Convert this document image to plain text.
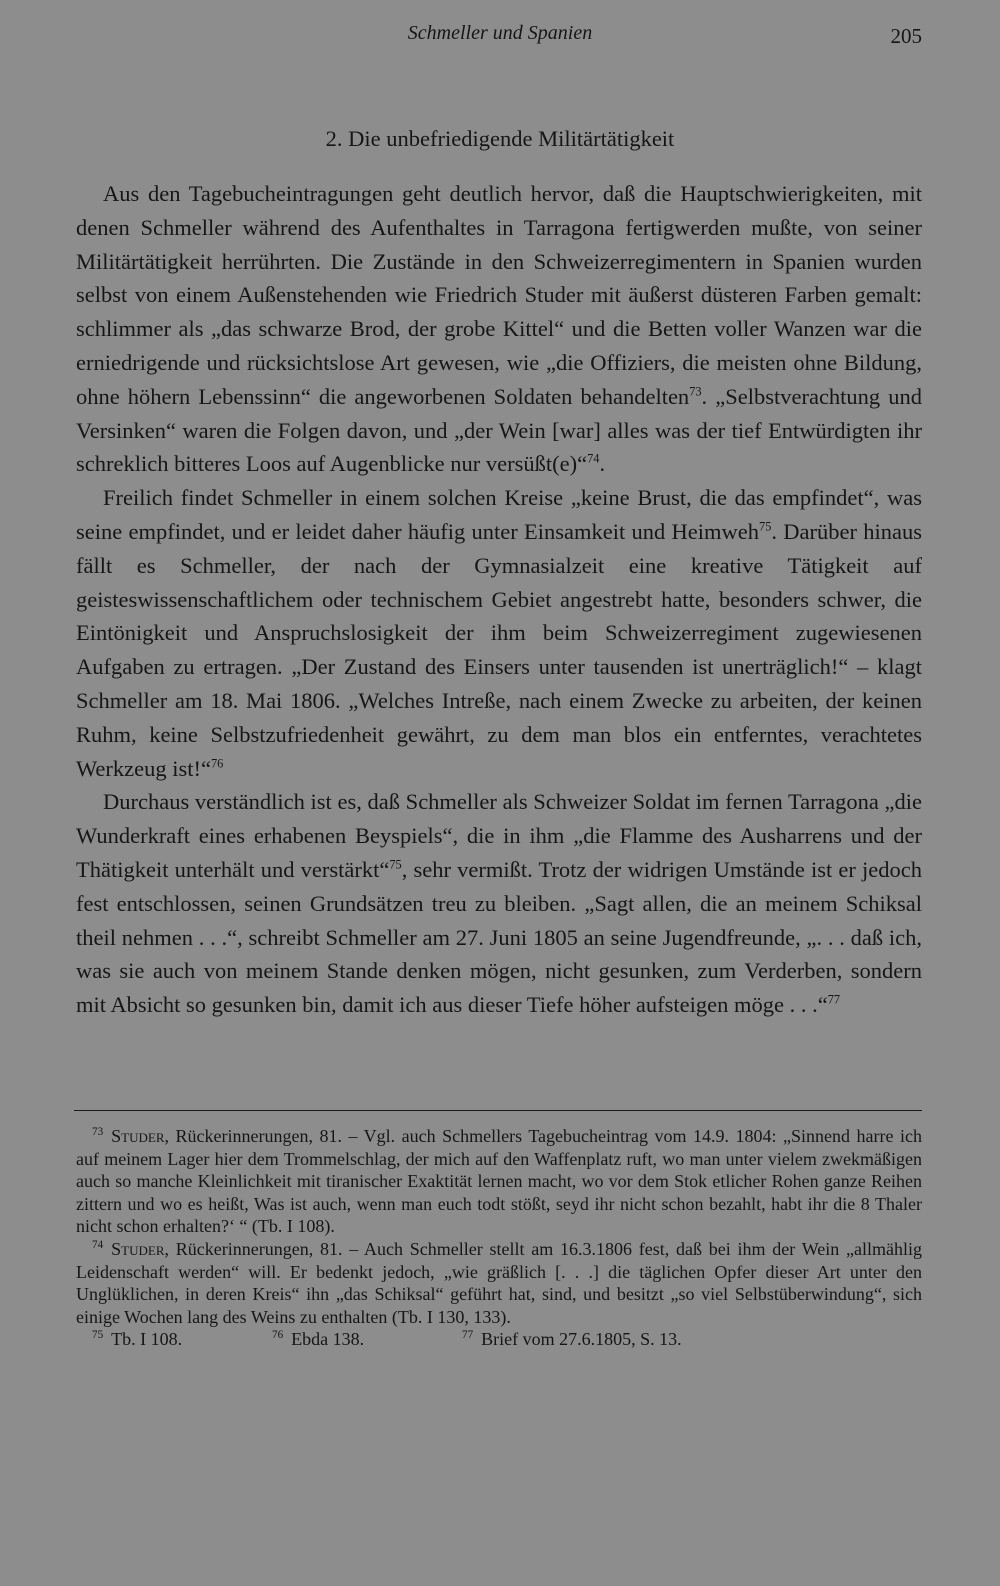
Schmeller und Spanien	205
2. Die unbefriedigende Militärtätigkeit

Aus den Tagebucheintragungen geht deutlich hervor, daß die Hauptschwierigkeiten, mit denen Schmeller während des Aufenthaltes in Tarragona fertigwerden mußte, von seiner Militärtätigkeit herrührten. Die Zustände in den Schweizerregimentern in Spanien wurden selbst von einem Außenstehenden wie Friedrich Studer mit äußerst düsteren Farben gemalt: schlimmer als „das schwarze Brod, der grobe Kittel“ und die Betten voller Wanzen war die erniedrigende und rücksichtslose Art gewesen, wie „die Offiziers, die meisten ohne Bildung, ohne höhern Lebenssinn“ die angeworbenen Soldaten behandelten$^{73}$. „Selbstverachtung und Versinken“ waren die Folgen davon, und „der Wein [war] alles was der tief Entwürdigten ihr schreklich bitteres Loos auf Augenblicke nur versüßt(e)“$^{74}$.

Freilich findet Schmeller in einem solchen Kreise „keine Brust, die das empfindet“, was seine empfindet, und er leidet daher häufig unter Einsamkeit und Heimweh$^{75}$. Darüber hinaus fällt es Schmeller, der nach der Gymnasialzeit eine kreative Tätigkeit auf geisteswissenschaftlichem oder technischem Gebiet angestrebt hatte, besonders schwer, die Eintönigkeit und Anspruchslosigkeit der ihm beim Schweizerregiment zugewiesenen Aufgaben zu ertragen. „Der Zustand des Einsers unter tausenden ist unerträglich!“ – klagt Schmeller am 18. Mai 1806. „Welches Intreße, nach einem Zwecke zu arbeiten, der keinen Ruhm, keine Selbstzufriedenheit gewährt, zu dem man blos ein entferntes, verachtetes Werkzeug ist!“$^{76}$

Durchaus verständlich ist es, daß Schmeller als Schweizer Soldat im fernen Tarragona „die Wunderkraft eines erhabenen Beyspiels“, die in ihm „die Flamme des Ausharrens und der Thätigkeit unterhält und verstärkt“$^{75}$, sehr vermißt. Trotz der widrigen Umstände ist er jedoch fest entschlossen, seinen Grundsätzen treu zu bleiben. „Sagt allen, die an meinem Schiksal theil nehmen . . .“, schreibt Schmeller am 27. Juni 1805 an seine Jugendfreunde, „. . . daß ich, was sie auch von meinem Stande denken mögen, nicht gesunken, zum Verderben, sondern mit Absicht so gesunken bin, damit ich aus dieser Tiefe höher aufsteigen möge . . .“$^{77}$

$^{73}$ Studer, Rückerinnerungen, 81. – Vgl. auch Schmellers Tagebucheintrag vom 14.9. 1804: „Sinnend harre ich auf meinem Lager hier dem Trommelschlag, der mich auf den Waffenplatz ruft, wo man unter vielem zwekmäßigen auch so manche Kleinlichkeit mit tiranischer Exaktität lernen macht, wo vor dem Stok etlicher Rohen ganze Reihen zittern und wo es heißt, Was ist auch, wenn man euch todt stößt, seyd ihr nicht schon bezahlt, habt ihr die 8 Thaler nicht schon erhalten?‘ “ (Tb. I 108).

$^{74}$ Studer, Rückerinnerungen, 81. – Auch Schmeller stellt am 16.3.1806 fest, daß bei ihm der Wein „allmählig Leidenschaft werden“ will. Er bedenkt jedoch, „wie gräßlich [. . .] die täglichen Opfer dieser Art unter den Unglüklichen, in deren Kreis“ ihn „das Schiksal“ geführt hat, sind, und besitzt „so viel Selbstüberwindung“, sich einige Wochen lang des Weins zu enthalten (Tb. I 130, 133).

$^{75}$ Tb. I 108.	$^{76}$ Ebda 138.	$^{77}$ Brief vom 27.6.1805, S. 13.
